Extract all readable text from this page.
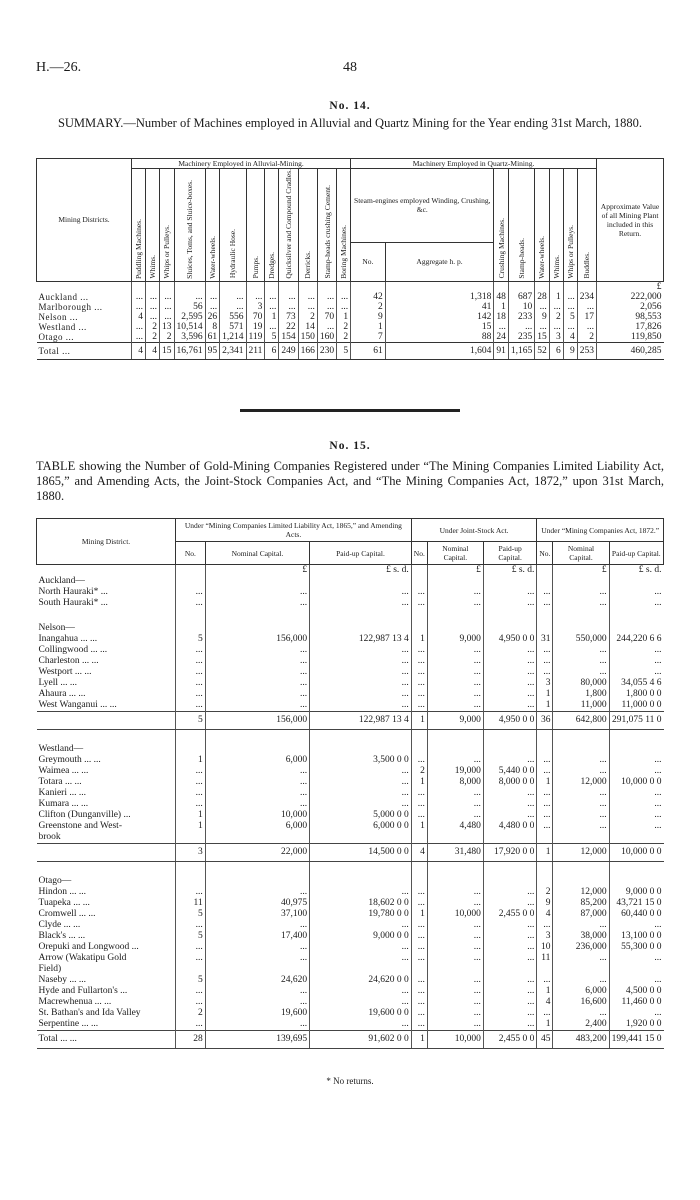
H.—26.	48
No. 14.
SUMMARY.—Number of Machines employed in Alluvial and Quartz Mining for the Year ending 31st March, 1880.
Mining Districts.	Machinery Employed in Alluvial-Mining.												Machinery Employed in Quartz-Mining.								Approximate Value of all Mining Plant included in this Return.
	Puddling Machines.	Whims.	Whips or Pulleys.	Sluices, Toms, and Sluice-boxes.	Water-wheels.	Hydraulic Hose.	Pumps.	Dredges.	Quicksilver and Compound Cradles.	Derricks.	Stamp-heads crushing Cement.	Boring Machines.	Steam-engines employed Winding, Crushing, &c.		Crushing Machines.	Stamp-heads.	Water-wheels.	Whims.	Whips or Pulleys.	Buddles.	
													No.	Aggregate h. p.							
																					£
Auckland ...	...	...	...	...	...	...	...	...	...	...	...	...	42	1,318	48	687	28	1	...	234	222,000
Marlborough ...	...	...	...	56	...	...	3	...	...	...	...	...	2	41	1	10	...	...	...	...	2,056
Nelson ...	4	...	...	2,595	26	556	70	1	73	2	70	1	9	142	18	233	9	2	5	17	98,553
Westland ...	...	2	13	10,514	8	571	19	...	22	14	...	2	1	15	...	...	...	...	...	...	17,826
Otago ...	...	2	2	3,596	61	1,214	119	5	154	150	160	2	7	88	24	235	15	3	4	2	119,850
Total ...	4	4	15	16,761	95	2,341	211	6	249	166	230	5	61	1,604	91	1,165	52	6	9	253	460,285
No. 15.
TABLE showing the Number of Gold-Mining Companies Registered under “The Mining Companies Limited Liability Act, 1865,” and Amending Acts, the Joint-Stock Companies Act, and “The Mining Companies Act, 1872,” upon 31st March, 1880.
Mining District.	Under “Mining Companies Limited Liability Act, 1865,” and Amending Acts.			Under Joint-Stock Act.			Under “Mining Companies Act, 1872.”		
	No.	Nominal Capital.	Paid-up Capital.	No.	Nominal Capital.	Paid-up Capital.	No.	Nominal Capital.	Paid-up Capital.
		£	£ s. d.		£	£ s. d.		£	£ s. d.
Auckland—									
North Hauraki* ...	...	...	...	...	...	...	...	...	...
South Hauraki* ...	...	...	...	...	...	...	...	...	...

Nelson—									
Inangahua ... ...	5	156,000	122,987 13 4	1	9,000	4,950 0 0	31	550,000	244,220 6 6
Collingwood ... ...	...	...	...	...	...	...	...	...	...
Charleston ... ...	...	...	...	...	...	...	...	...	...
Westport ... ...	...	...	...	...	...	...	...	...	...
Lyell ... ...	...	...	...	...	...	...	3	80,000	34,055 4 6
Ahaura ... ...	...	...	...	...	...	...	1	1,800	1,800 0 0
West Wanganui ... ...	...	...	...	...	...	...	1	11,000	11,000 0 0
	5	156,000	122,987 13 4	1	9,000	4,950 0 0	36	642,800	291,075 11 0

Westland—									
Greymouth ... ...	1	6,000	3,500 0 0	...	...	...	...	...	...
Waimea ... ...	...	...	...	2	19,000	5,440 0 0	...	...	...
Totara ... ...	...	...	...	1	8,000	8,000 0 0	1	12,000	10,000 0 0
Kanieri ... ...	...	...	...	...	...	...	...	...	...
Kumara ... ...	...	...	...	...	...	...	...	...	...
Clifton (Dunganville) ...	1	10,000	5,000 0 0	...	...	...	...	...	...
Greenstone and West-	1	6,000	6,000 0 0	1	4,480	4,480 0 0	...	...	...
brook									
	3	22,000	14,500 0 0	4	31,480	17,920 0 0	1	12,000	10,000 0 0

Otago—									
Hindon ... ...	...	...	...	...	...	...	2	12,000	9,000 0 0
Tuapeka ... ...	11	40,975	18,602 0 0	...	...	...	9	85,200	43,721 15 0
Cromwell ... ...	5	37,100	19,780 0 0	1	10,000	2,455 0 0	4	87,000	60,440 0 0
Clyde ... ...	...	...	...	...	...	...	...	...	...
Black's ... ...	5	17,400	9,000 0 0	...	...	...	3	38,000	13,100 0 0
Orepuki and Longwood ...	...	...	...	...	...	...	10	236,000	55,300 0 0
Arrow (Wakatipu Gold	...	...	...	...	...	...	11	...	...
Field)									
Naseby ... ...	5	24,620	24,620 0 0	...	...	...	...	...	...
Hyde and Fullarton's ...	...	...	...	...	...	...	1	6,000	4,500 0 0
Macrewhenua ... ...	...	...	...	...	...	...	4	16,600	11,460 0 0
St. Bathan's and Ida Valley	2	19,600	19,600 0 0	...	...	...	...	...	...
Serpentine ... ...	...	...	...	...	...	...	1	2,400	1,920 0 0
Total ... ...	28	139,695	91,602 0 0	1	10,000	2,455 0 0	45	483,200	199,441 15 0
* No returns.
